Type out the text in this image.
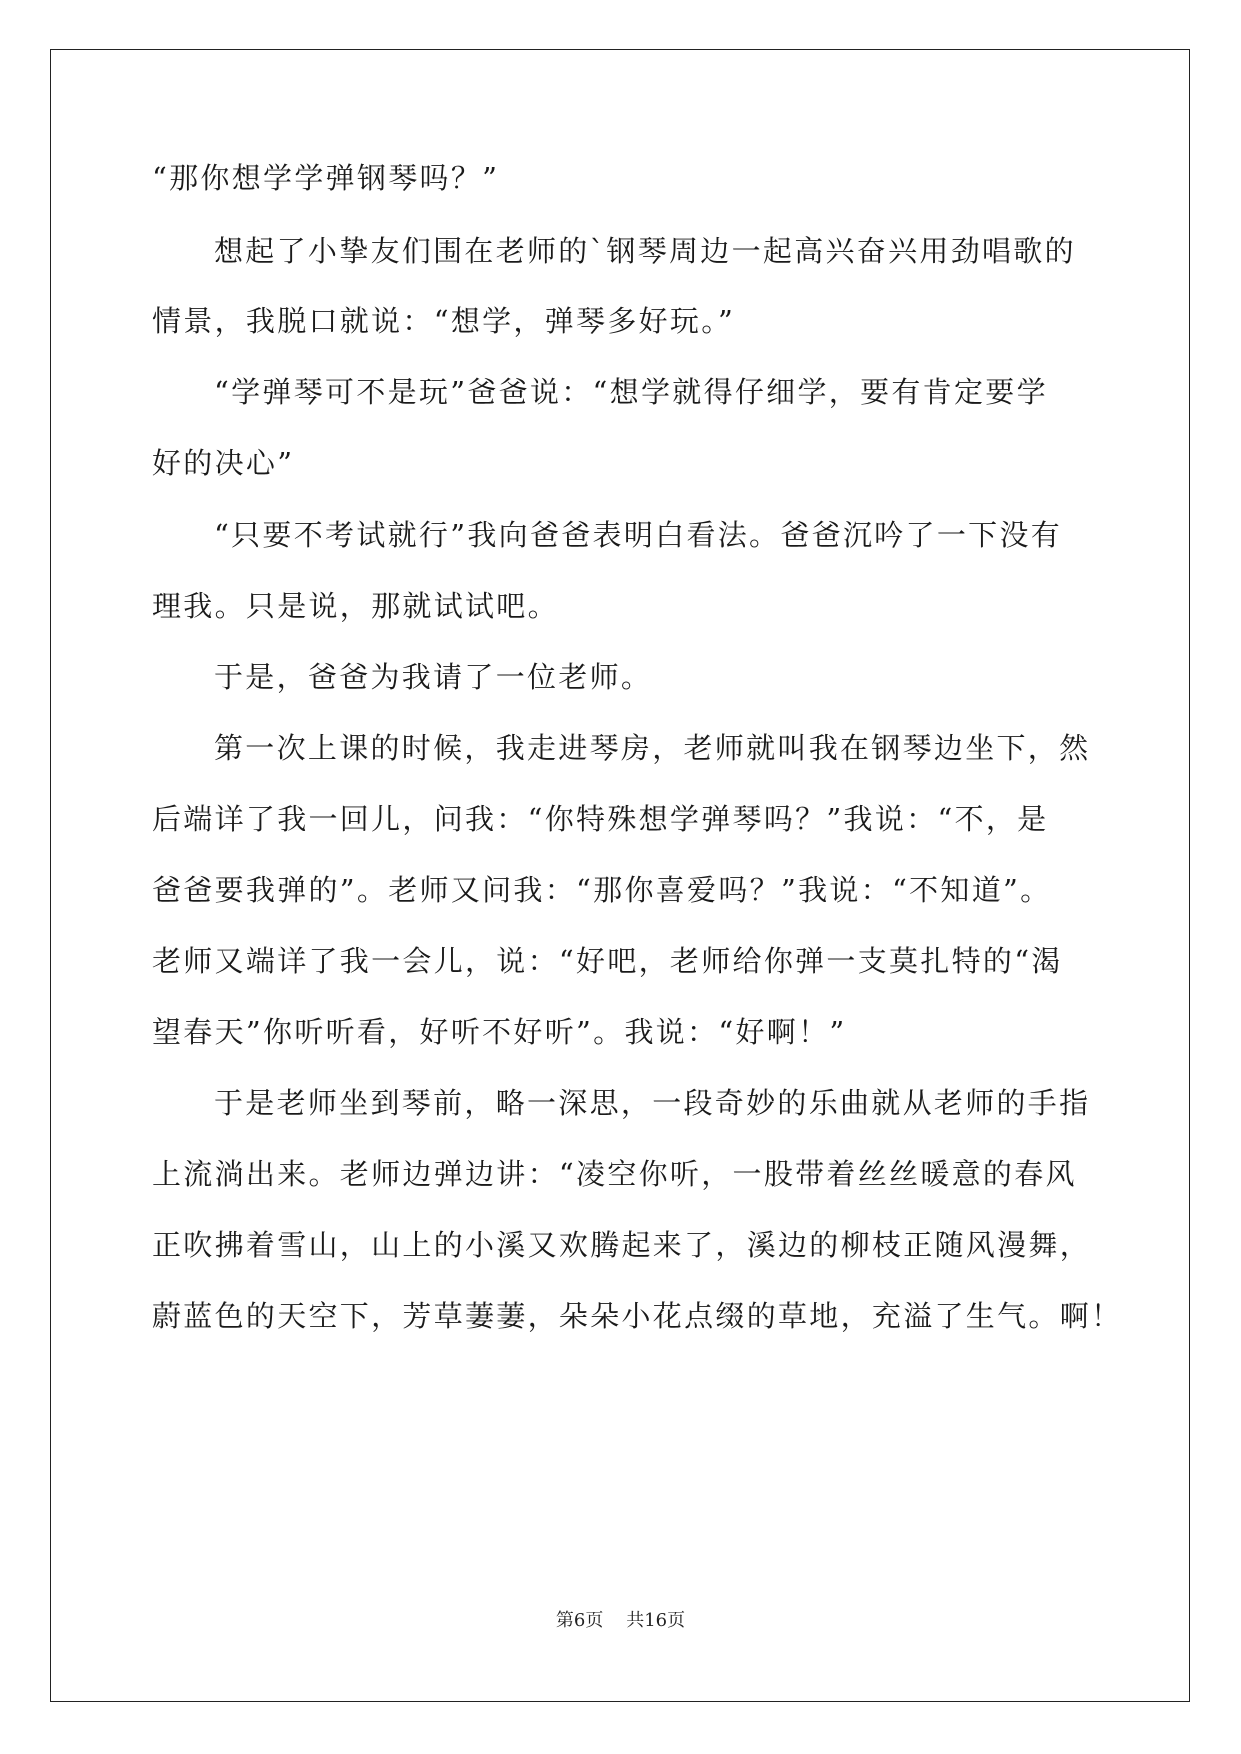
“那你想学学弹钢琴吗？”
想起了小挚友们围在老师的`钢琴周边一起高兴奋兴用劲唱歌的
情景，我脱口就说：“想学，弹琴多好玩。”
“学弹琴可不是玩”爸爸说：“想学就得仔细学，要有肯定要学
好的决心”
“只要不考试就行”我向爸爸表明白看法。爸爸沉吟了一下没有
理我。只是说，那就试试吧。
于是，爸爸为我请了一位老师。
第一次上课的时候，我走进琴房，老师就叫我在钢琴边坐下，然
后端详了我一回儿，问我：“你特殊想学弹琴吗？”我说：“不，是
爸爸要我弹的”。老师又问我：“那你喜爱吗？”我说：“不知道”。
老师又端详了我一会儿，说：“好吧，老师给你弹一支莫扎特的“渴
望春天”你听听看，好听不好听”。我说：“好啊！”
于是老师坐到琴前，略一深思，一段奇妙的乐曲就从老师的手指
上流淌出来。老师边弹边讲：“凌空你听，一股带着丝丝暖意的春风
正吹拂着雪山，山上的小溪又欢腾起来了，溪边的柳枝正随风漫舞，
蔚蓝色的天空下，芳草萋萋，朵朵小花点缀的草地，充溢了生气。啊！
第6页 共16页
